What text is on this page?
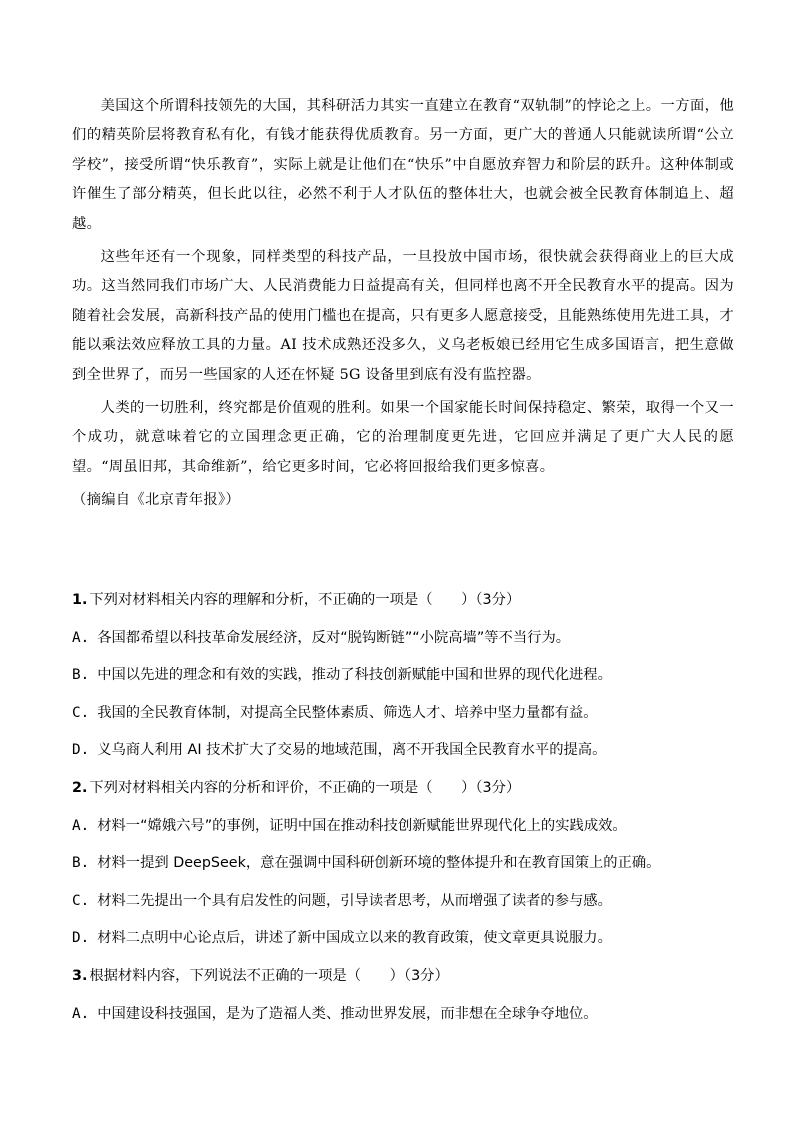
美国这个所谓科技领先的大国，其科研活力其实一直建立在教育“双轨制”的悖论之上。一方面，他们的精英阶层将教育私有化，有钱才能获得优质教育。另一方面，更广大的普通人只能就读所谓“公立学校”，接受所谓“快乐教育”，实际上就是让他们在“快乐”中自愿放弃智力和阶层的跃升。这种体制或许催生了部分精英，但长此以往，必然不利于人才队伍的整体壮大，也就会被全民教育体制追上、超越。

这些年还有一个现象，同样类型的科技产品，一旦投放中国市场，很快就会获得商业上的巨大成功。这当然同我们市场广大、人民消费能力日益提高有关，但同样也离不开全民教育水平的提高。因为随着社会发展，高新科技产品的使用门槛也在提高，只有更多人愿意接受，且能熟练使用先进工具，才能以乘法效应释放工具的力量。AI 技术成熟还没多久，义乌老板娘已经用它生成多国语言，把生意做到全世界了，而另一些国家的人还在怀疑 5G 设备里到底有没有监控器。

人类的一切胜利，终究都是价值观的胜利。如果一个国家能长时间保持稳定、繁荣，取得一个又一个成功，就意味着它的立国理念更正确，它的治理制度更先进，它回应并满足了更广大人民的愿望。“周虽旧邦，其命维新”，给它更多时间，它必将回报给我们更多惊喜。

（摘编自《北京青年报》）

1. 下列对材料相关内容的理解和分析，不正确的一项是（　　）（3分）

A. 各国都希望以科技革命发展经济，反对“脱钩断链”“小院高墙”等不当行为。

B. 中国以先进的理念和有效的实践，推动了科技创新赋能中国和世界的现代化进程。

C. 我国的全民教育体制，对提高全民整体素质、筛选人才、培养中坚力量都有益。

D. 义乌商人利用 AI 技术扩大了交易的地域范围，离不开我国全民教育水平的提高。

2. 下列对材料相关内容的分析和评价，不正确的一项是（　　）（3分）

A. 材料一“嫦娥六号”的事例，证明中国在推动科技创新赋能世界现代化上的实践成效。

B. 材料一提到 DeepSeek，意在强调中国科研创新环境的整体提升和在教育国策上的正确。

C. 材料二先提出一个具有启发性的问题，引导读者思考，从而增强了读者的参与感。

D. 材料二点明中心论点后，讲述了新中国成立以来的教育政策，使文章更具说服力。

3. 根据材料内容，下列说法不正确的一项是（　　）（3分）

A. 中国建设科技强国，是为了造福人类、推动世界发展，而非想在全球争夺地位。
